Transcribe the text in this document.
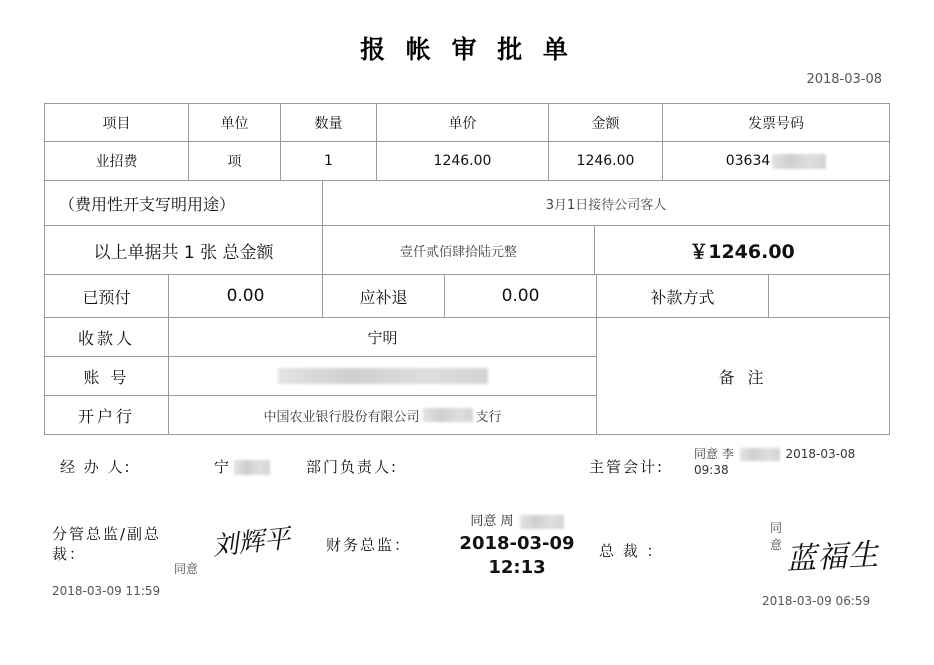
报 帐 审 批 单
2018-03-08
项目	单位	数量	单价	金额	发票号码
业招费	项	1	1246.00	1246.00	03634
（费用性开支写明用途）	3月1日接待公司客人
以上单据共 1 张 总金额	壹仟贰佰肆拾陆元整	￥1246.00
已预付	0.00	应补退	0.00	补款方式
收款人	宁明
账 号
开户行	中国农业银行股份有限公司	支行
备 注
经 办 人:	宁	部门负责人:	主管会计:
同意 李	2018-03-08
09:38
分管总监/副总裁：
同意
刘辉平
2018-03-09 11:59
财务总监：
同意 周
2018-03-09
12:13
总 裁 ：
同意 蓝福生
2018-03-09 06:59
